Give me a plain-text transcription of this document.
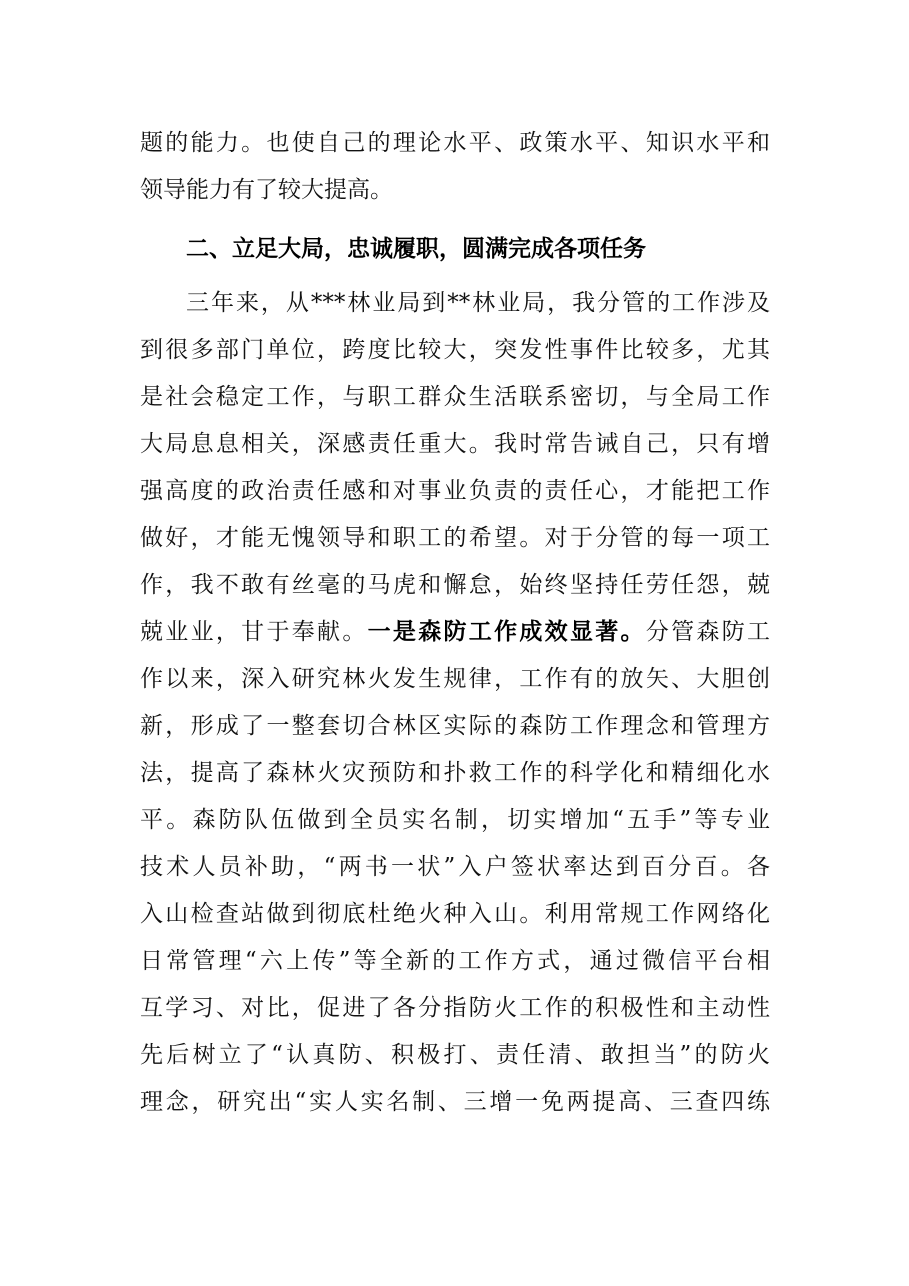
题的能力。也使自己的理论水平、政策水平、知识水平和
领导能力有了较大提高。
二、立足大局，忠诚履职，圆满完成各项任务
三年来，从***林业局到**林业局，我分管的工作涉及
到很多部门单位，跨度比较大，突发性事件比较多，尤其
是社会稳定工作，与职工群众生活联系密切，与全局工作
大局息息相关，深感责任重大。我时常告诫自己，只有增
强高度的政治责任感和对事业负责的责任心，才能把工作
做好，才能无愧领导和职工的希望。对于分管的每一项工
作，我不敢有丝毫的马虎和懈怠，始终坚持任劳任怨，兢
兢业业，甘于奉献。一是森防工作成效显著。分管森防工
作以来，深入研究林火发生规律，工作有的放矢、大胆创
新，形成了一整套切合林区实际的森防工作理念和管理方
法，提高了森林火灾预防和扑救工作的科学化和精细化水
平。森防队伍做到全员实名制，切实增加“五手”等专业
技术人员补助，“两书一状”入户签状率达到百分百。各
入山检查站做到彻底杜绝火种入山。利用常规工作网络化
日常管理“六上传”等全新的工作方式，通过微信平台相
互学习、对比，促进了各分指防火工作的积极性和主动性
先后树立了“认真防、积极打、责任清、敢担当”的防火
理念，研究出“实人实名制、三增一免两提高、三查四练
